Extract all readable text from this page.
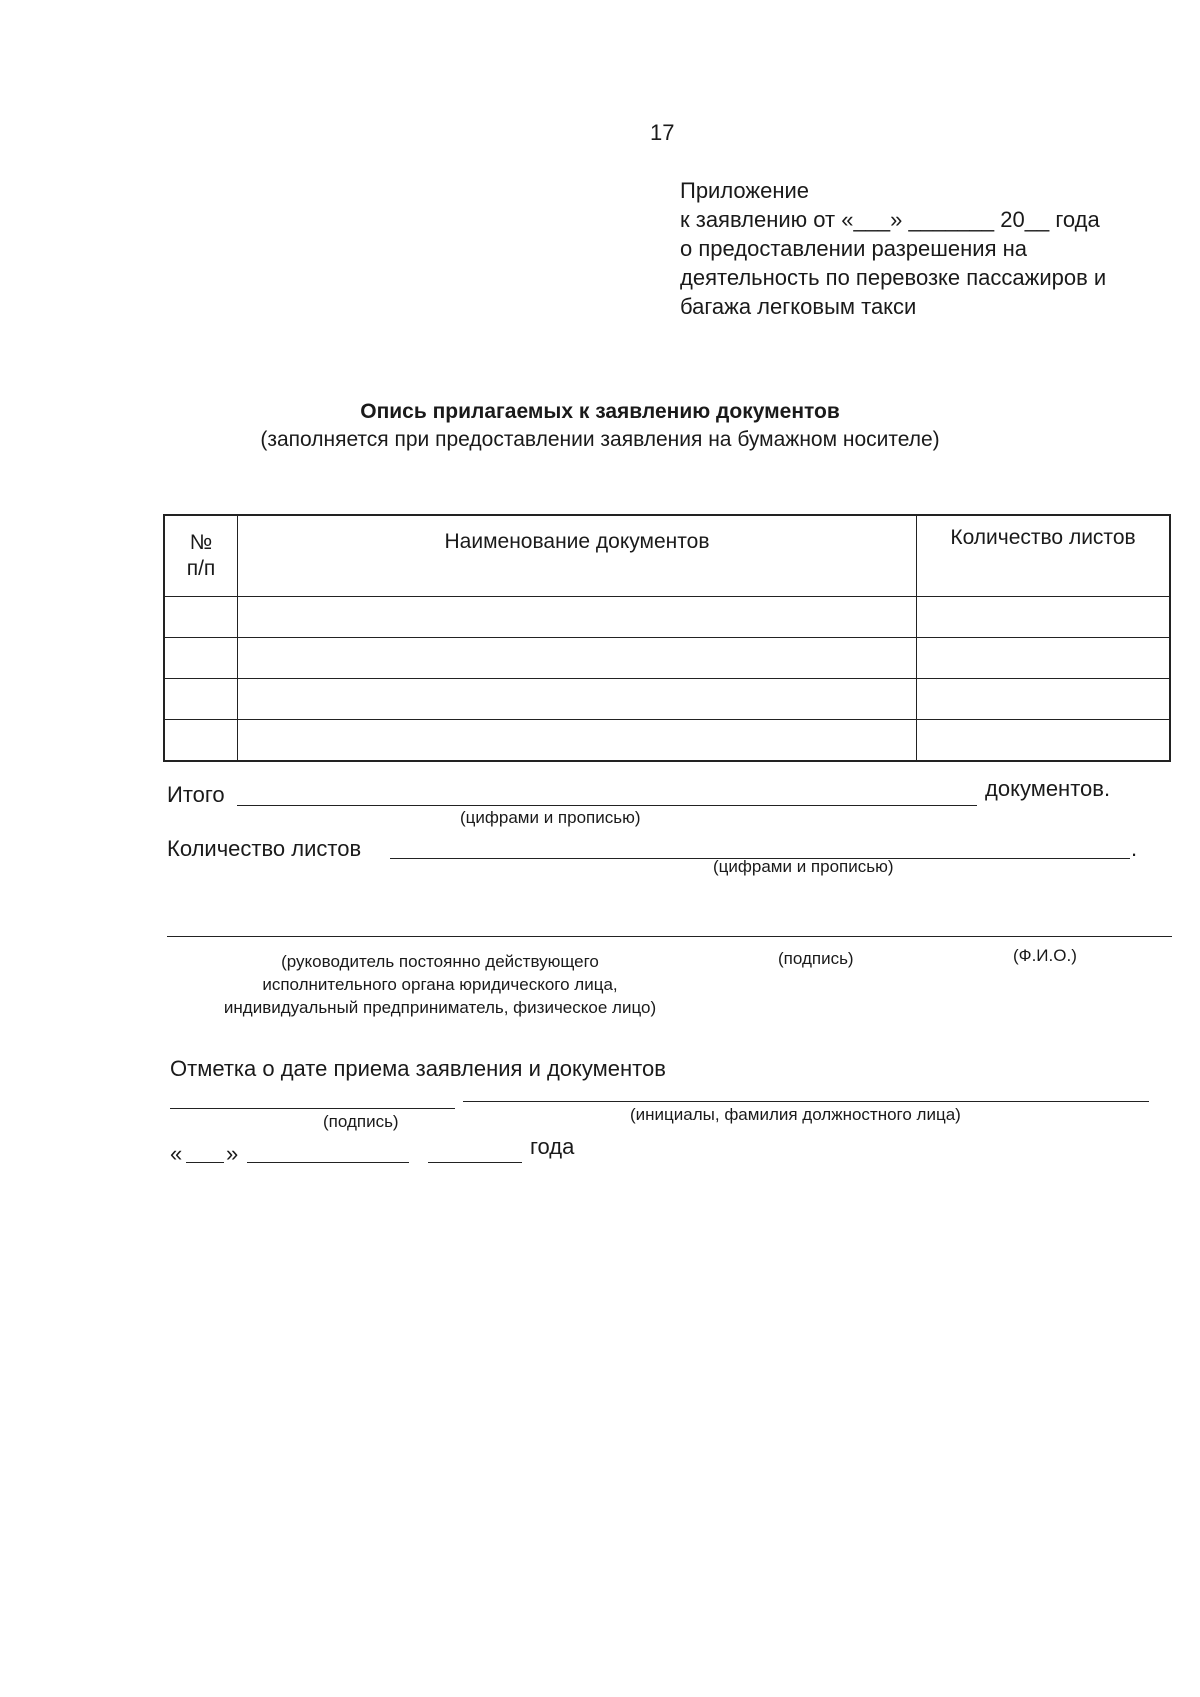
17
Приложение
к заявлению от «___» _______ 20__ года
о предоставлении разрешения на
деятельность по перевозке пассажиров и
багажа легковым такси
Опись прилагаемых к заявлению документов
(заполняется при предоставлении заявления на бумажном носителе)
№
п/п	Наименование документов	Количество листов

Итого	документов.
(цифрами и прописью)
Количество листов	.
(цифрами и прописью)
(руководитель постоянно действующего
исполнительного органа юридического лица,
индивидуальный предприниматель, физическое лицо)
(подпись)	(Ф.И.О.)
Отметка о дате приема заявления и документов
(подпись)	(инициалы, фамилия должностного лица)
« »	года
